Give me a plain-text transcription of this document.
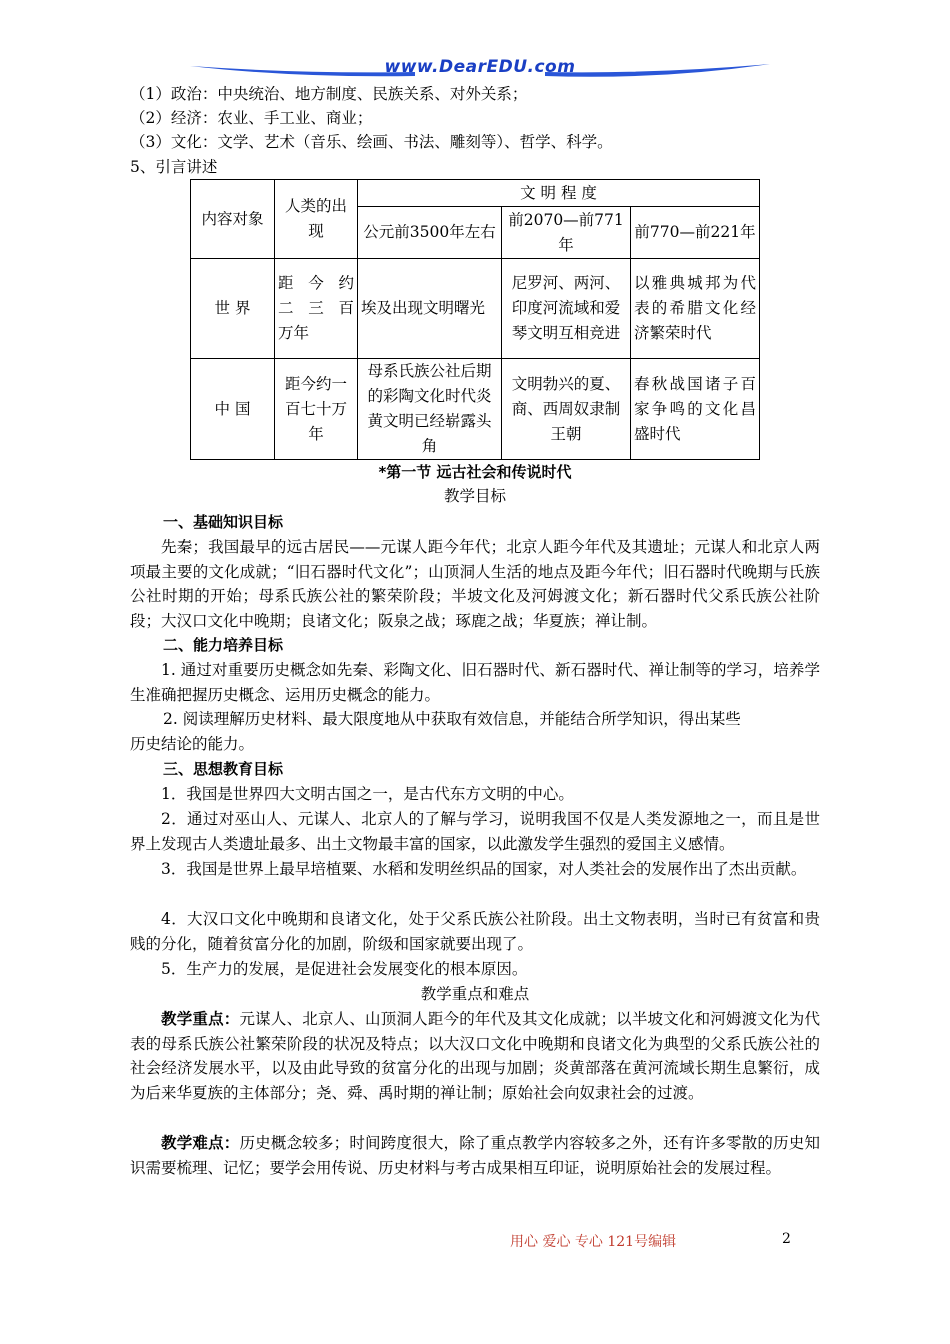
www.DearEDU.com
（1）政治：中央统治、地方制度、民族关系、对外关系；
（2）经济：农业、手工业、商业；
（3）文化：文学、艺术（音乐、绘画、书法、雕刻等）、哲学、科学。
5、引言讲述
内容对象	人类的出现	文 明 程 度		
		公元前3500年左右	前2070—前771年	前770—前221年
世 界	距 今 约 二 三 百 万年	埃及出现文明曙光	尼罗河、两河、印度河流域和爱琴文明互相竞进	以雅典城邦为代表的希腊文化经济繁荣时代
中 国	距今约一百七十万年	母系氏族公社后期的彩陶文化时代炎黄文明已经崭露头角	文明勃兴的夏、商、西周奴隶制王朝	春秋战国诸子百家争鸣的文化昌盛时代
*第一节 远古社会和传说时代
教学目标
一、基础知识目标
先秦；我国最早的远古居民——元谋人距今年代；北京人距今年代及其遗址；元谋人和北京人两项最主要的文化成就；“旧石器时代文化”；山顶洞人生活的地点及距今年代；旧石器时代晚期与氏族公社时期的开始；母系氏族公社的繁荣阶段；半坡文化及河姆渡文化；新石器时代父系氏族公社阶段；大汉口文化中晚期；良诸文化；阪泉之战；琢鹿之战；华夏族；禅让制。
二、能力培养目标
1. 通过对重要历史概念如先秦、彩陶文化、旧石器时代、新石器时代、禅让制等的学习，培养学生准确把握历史概念、运用历史概念的能力。
2. 阅读理解历史材料、最大限度地从中获取有效信息，并能结合所学知识，得出某些
历史结论的能力。
三、思想教育目标
1．我国是世界四大文明古国之一，是古代东方文明的中心。
2．通过对巫山人、元谋人、北京人的了解与学习，说明我国不仅是人类发源地之一，而且是世界上发现古人类遗址最多、出土文物最丰富的国家，以此激发学生强烈的爱国主义感情。
3．我国是世界上最早培植粟、水稻和发明丝织品的国家，对人类社会的发展作出了杰出贡献。
4．大汉口文化中晚期和良诸文化，处于父系氏族公社阶段。出土文物表明，当时已有贫富和贵贱的分化，随着贫富分化的加剧，阶级和国家就要出现了。
5．生产力的发展，是促进社会发展变化的根本原因。
教学重点和难点
教学重点：元谋人、北京人、山顶洞人距今的年代及其文化成就；以半坡文化和河姆渡文化为代表的母系氏族公社繁荣阶段的状况及特点；以大汉口文化中晚期和良诸文化为典型的父系氏族公社的社会经济发展水平，以及由此导致的贫富分化的出现与加剧；炎黄部落在黄河流域长期生息繁衍，成为后来华夏族的主体部分；尧、舜、禹时期的禅让制；原始社会向奴隶社会的过渡。
教学难点：历史概念较多；时间跨度很大，除了重点教学内容较多之外，还有许多零散的历史知识需要梳理、记忆；要学会用传说、历史材料与考古成果相互印证，说明原始社会的发展过程。
用心 爱心 专心 121号编辑	2
